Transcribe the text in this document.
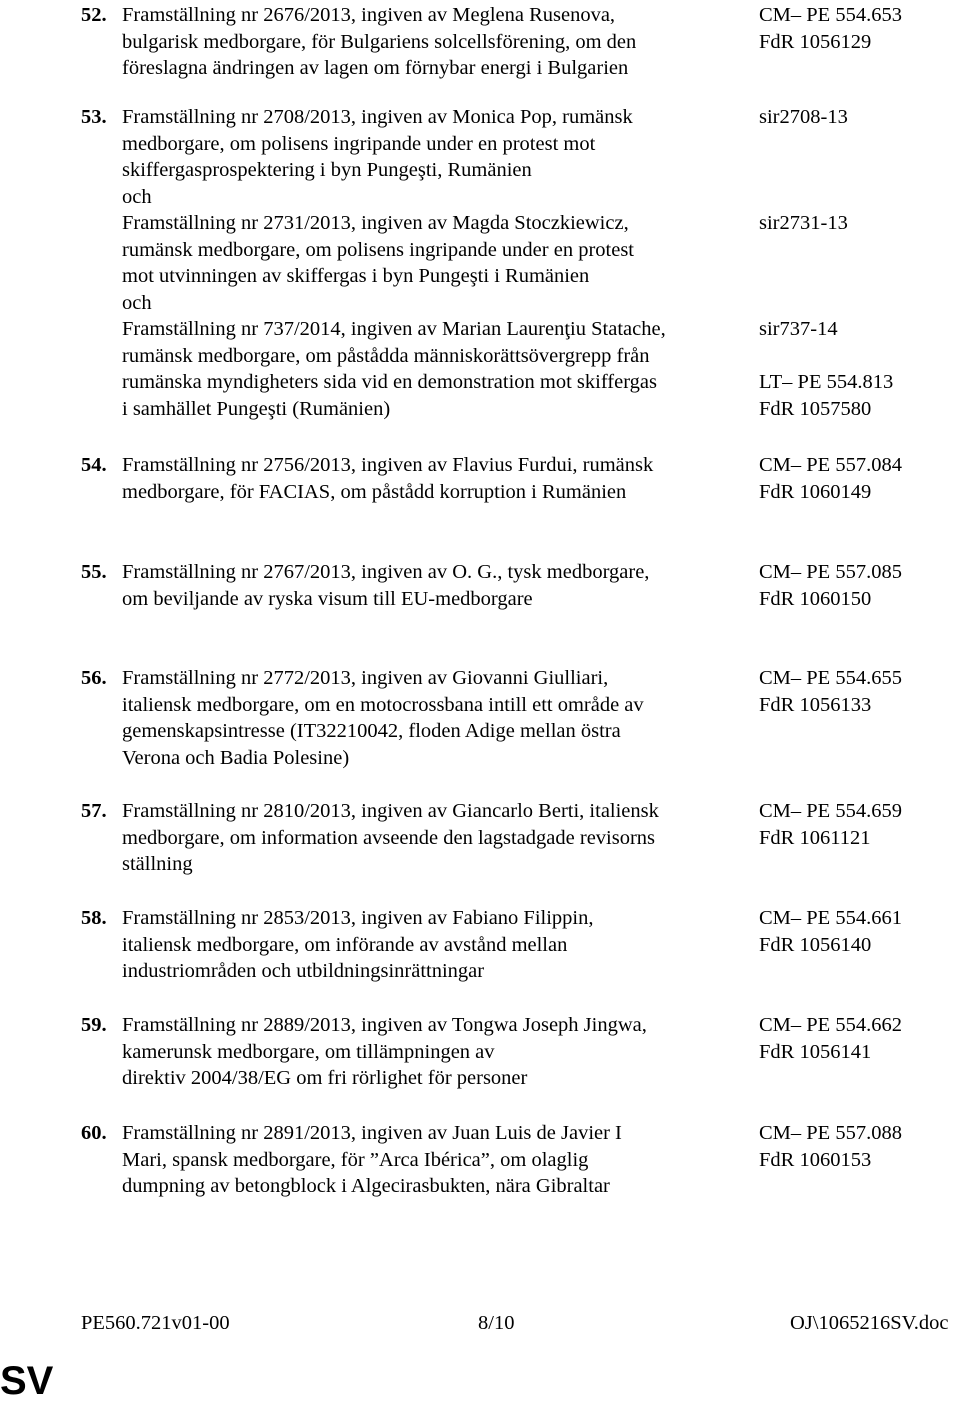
52. Framställning nr 2676/2013, ingiven av Meglena Rusenova,
bulgarisk medborgare, för Bulgariens solcellsförening, om den
föreslagna ändringen av lagen om förnybar energi i Bulgarien
CM– PE 554.653
FdR 1056129
53. Framställning nr 2708/2013, ingiven av Monica Pop, rumänsk
medborgare, om polisens ingripande under en protest mot
skiffergasprospektering i byn Pungeşti, Rumänien
och
Framställning nr 2731/2013, ingiven av Magda Stoczkiewicz,
rumänsk medborgare, om polisens ingripande under en protest
mot utvinningen av skiffergas i byn Pungeşti i Rumänien
och
Framställning nr 737/2014, ingiven av Marian Laurenţiu Statache,
rumänsk medborgare, om påstådda människorättsövergrepp från
rumänska myndigheters sida vid en demonstration mot skiffergas
i samhället Pungeşti (Rumänien)
sir2708-13
sir2731-13
sir737-14
LT– PE 554.813
FdR 1057580
54. Framställning nr 2756/2013, ingiven av Flavius Furdui, rumänsk
medborgare, för FACIAS, om påstådd korruption i Rumänien
CM– PE 557.084
FdR 1060149
55. Framställning nr 2767/2013, ingiven av O. G., tysk medborgare,
om beviljande av ryska visum till EU-medborgare
CM– PE 557.085
FdR 1060150
56. Framställning nr 2772/2013, ingiven av Giovanni Giulliari,
italiensk medborgare, om en motocrossbana intill ett område av
gemenskapsintresse (IT32210042, floden Adige mellan östra
Verona och Badia Polesine)
CM– PE 554.655
FdR 1056133
57. Framställning nr 2810/2013, ingiven av Giancarlo Berti, italiensk
medborgare, om information avseende den lagstadgade revisorns
ställning
CM– PE 554.659
FdR 1061121
58. Framställning nr 2853/2013, ingiven av Fabiano Filippin,
italiensk medborgare, om införande av avstånd mellan
industriområden och utbildningsinrättningar
CM– PE 554.661
FdR 1056140
59. Framställning nr 2889/2013, ingiven av Tongwa Joseph Jingwa,
kamerunsk medborgare, om tillämpningen av
direktiv 2004/38/EG om fri rörlighet för personer
CM– PE 554.662
FdR 1056141
60. Framställning nr 2891/2013, ingiven av Juan Luis de Javier I
Mari, spansk medborgare, för ”Arca Ibérica”, om olaglig
dumpning av betongblock i Algecirasbukten, nära Gibraltar
CM– PE 557.088
FdR 1060153
PE560.721v01-00	8/10	OJ\1065216SV.doc
SV
